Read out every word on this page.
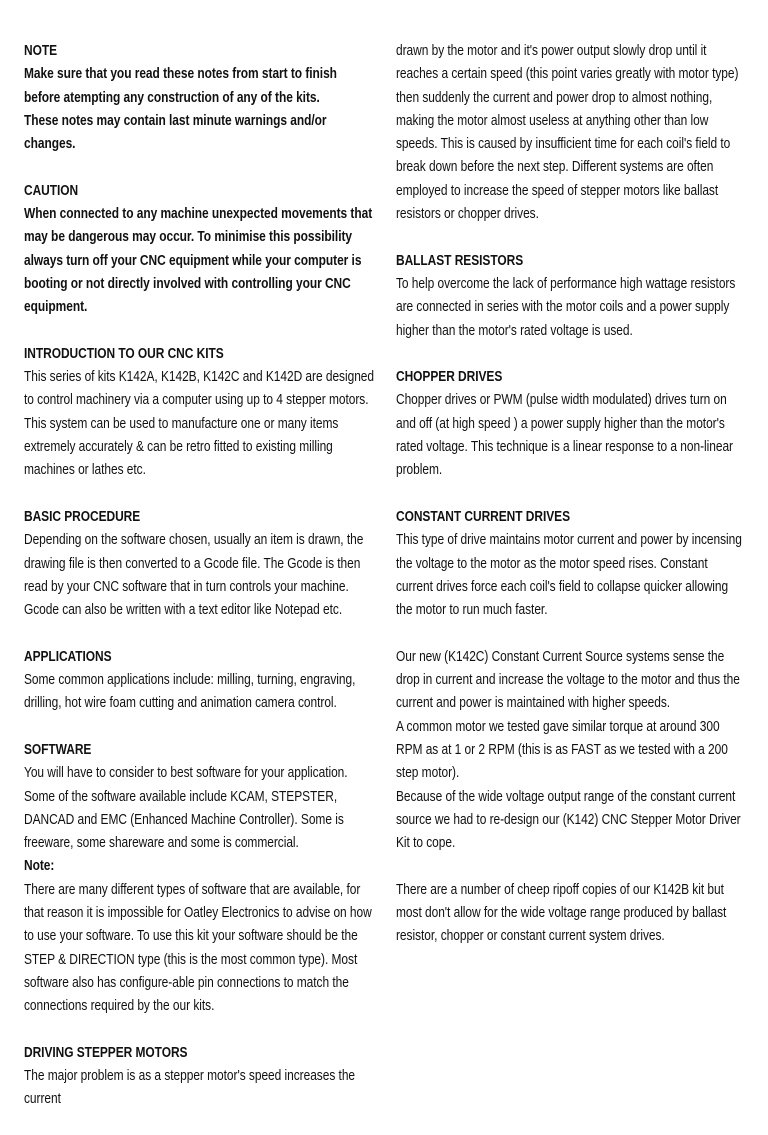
NOTE

Make sure that you read these notes from start to finish before atempting any construction of any of the kits.

These notes may contain last minute warnings and/or changes.

CAUTION

When connected to any machine unexpected movements that may be dangerous may occur. To minimise this possibility always turn off your CNC equipment while your computer is booting or not directly involved with controlling your CNC equipment.

INTRODUCTION TO OUR CNC KITS

This series of kits K142A, K142B, K142C and K142D are designed to control machinery via a computer using up to 4 stepper motors.

This system can be used to manufacture one or many items extremely accurately & can be retro fitted to existing milling machines or lathes etc.

BASIC PROCEDURE

Depending on the software chosen, usually an item is drawn, the drawing file is then converted to a Gcode file. The Gcode is then read by your CNC software that in turn controls your machine.

Gcode can also be written with a text editor like Notepad etc.

APPLICATIONS

Some common applications include: milling, turning, engraving, drilling, hot wire foam cutting and animation camera control.

SOFTWARE

You will have to consider to best software for your application. Some of the software available include KCAM, STEPSTER, DANCAD and EMC (Enhanced Machine Controller). Some is freeware, some shareware and some is commercial.

Note:

There are many different types of software that are available, for that reason it is impossible for Oatley Electronics to advise on how to use your software. To use this kit your software should be the STEP & DIRECTION type (this is the most common type). Most software also has configure-able pin connections to match the connections required by the our kits.

DRIVING STEPPER MOTORS

The major problem is as a stepper motor's speed increases the current

drawn by the motor and it's power output slowly drop until it reaches a certain speed (this point varies greatly with motor type) then suddenly the current and power drop to almost nothing, making the motor almost useless at anything other than low speeds. This is caused by insufficient time for each coil's field to break down before the next step. Different systems are often employed to increase the speed of stepper motors like ballast resistors or chopper drives.

BALLAST RESISTORS

To help overcome the lack of performance high wattage resistors are connected in series with the motor coils and a power supply higher than the motor's rated voltage is used.

CHOPPER DRIVES

Chopper drives or PWM (pulse width modulated) drives turn on and off (at high speed ) a power supply higher than the motor's rated voltage. This technique is a linear response to a non-linear problem.

CONSTANT CURRENT DRIVES

This type of drive maintains motor current and power by incensing the voltage to the motor as the motor speed rises. Constant current drives force each coil's field to collapse quicker allowing the motor to run much faster.

Our new (K142C) Constant Current Source systems sense the drop in current and increase the voltage to the motor and thus the current and power is maintained with higher speeds.

A common motor we tested gave similar torque at around 300 RPM as at 1 or 2 RPM (this is as FAST as we tested with a 200 step motor).

Because of the wide voltage output range of the constant current source we had to re-design our (K142) CNC Stepper Motor Driver Kit to cope.

There are a number of cheep ripoff copies of our K142B kit but most don't allow for the wide voltage range produced by ballast resistor, chopper or constant current system drives.
